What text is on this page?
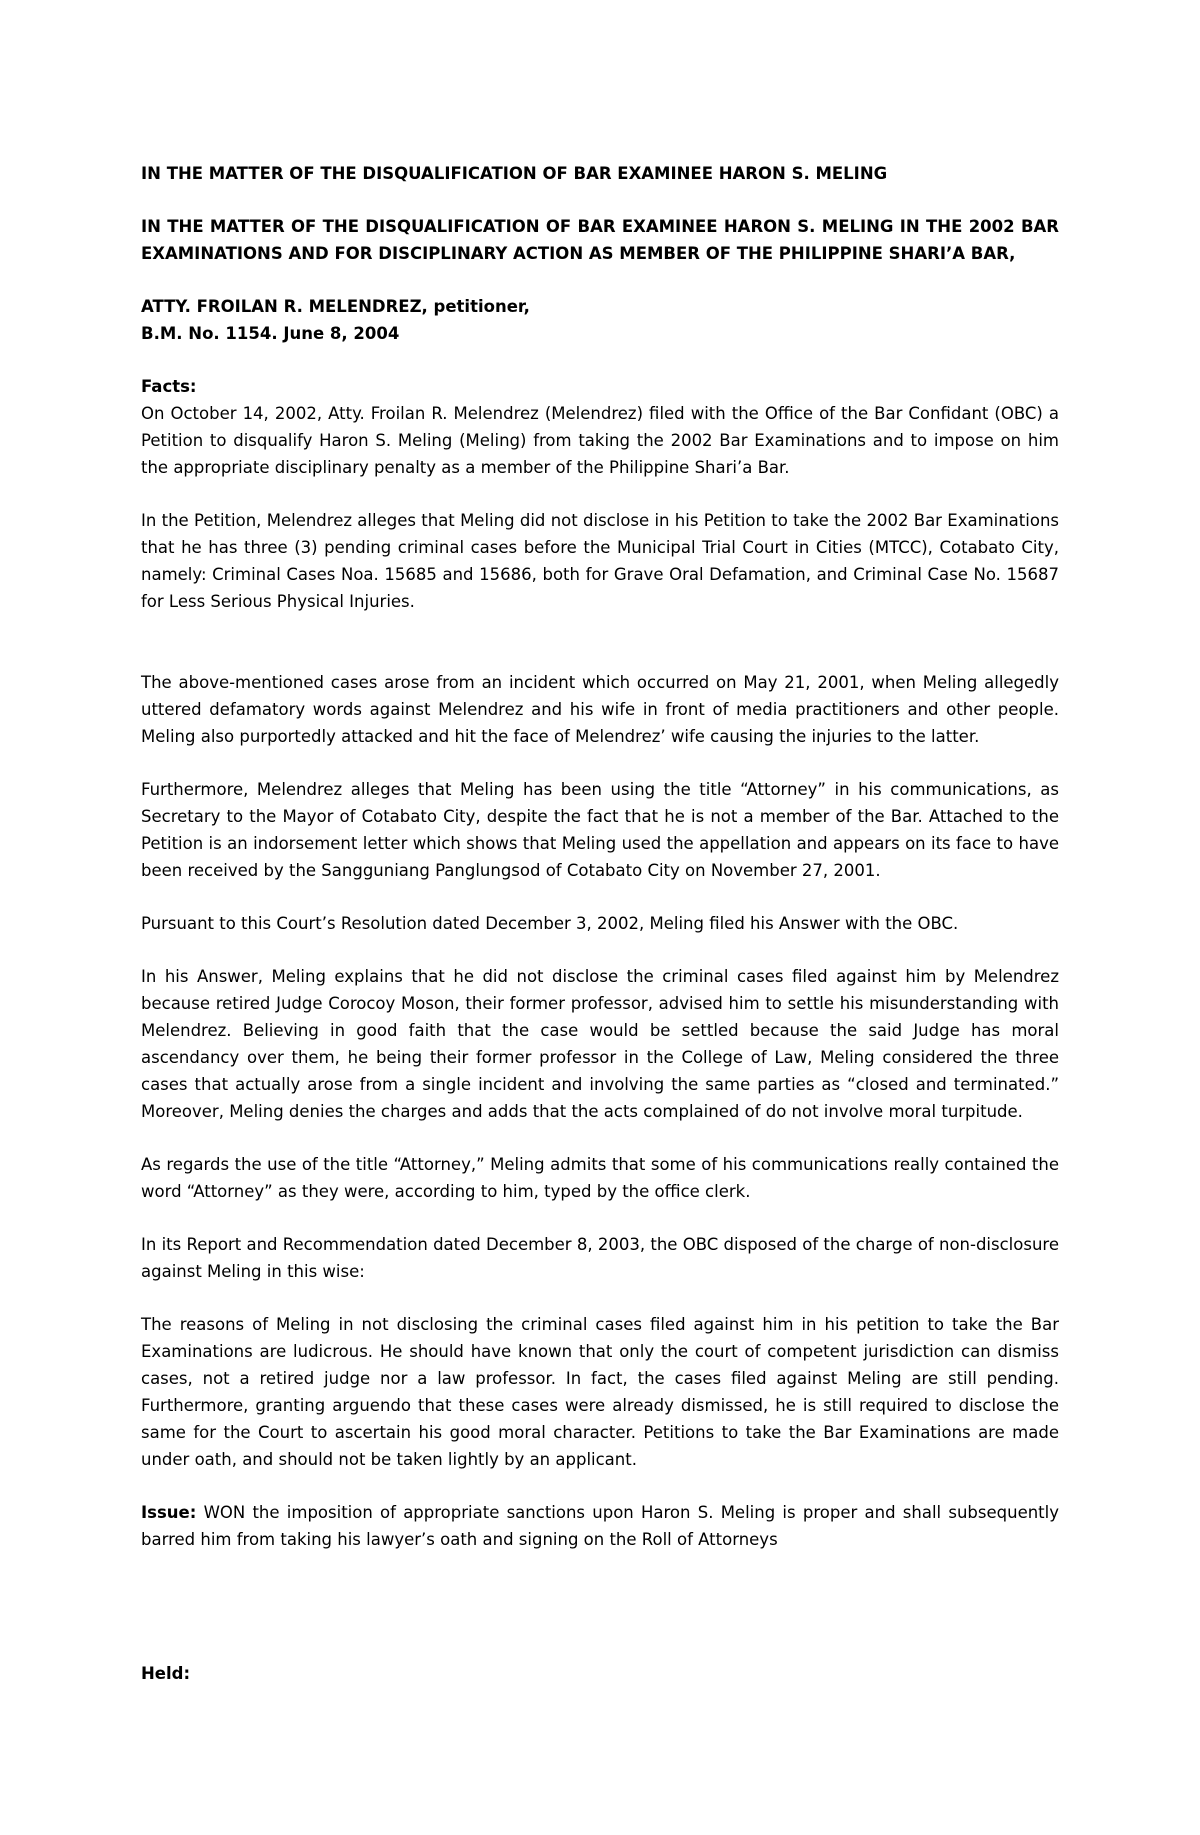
IN THE MATTER OF THE DISQUALIFICATION OF BAR EXAMINEE HARON S. MELING

IN THE MATTER OF THE DISQUALIFICATION OF BAR EXAMINEE HARON S. MELING IN THE 2002 BAR EXAMINATIONS AND FOR DISCIPLINARY ACTION AS MEMBER OF THE PHILIPPINE SHARI’A BAR,

ATTY. FROILAN R. MELENDREZ, petitioner,

B.M. No. 1154. June 8, 2004

Facts:

On October 14, 2002, Atty. Froilan R. Melendrez (Melendrez) filed with the Office of the Bar Confidant (OBC) a Petition to disqualify Haron S. Meling (Meling) from taking the 2002 Bar Examinations and to impose on him the appropriate disciplinary penalty as a member of the Philippine Shari’a Bar.

In the Petition, Melendrez alleges that Meling did not disclose in his Petition to take the 2002 Bar Examinations that he has three (3) pending criminal cases before the Municipal Trial Court in Cities (MTCC), Cotabato City, namely: Criminal Cases Noa. 15685 and 15686, both for Grave Oral Defamation, and Criminal Case No. 15687 for Less Serious Physical Injuries.

The above-mentioned cases arose from an incident which occurred on May 21, 2001, when Meling allegedly uttered defamatory words against Melendrez and his wife in front of media practitioners and other people. Meling also purportedly attacked and hit the face of Melendrez’ wife causing the injuries to the latter.

Furthermore, Melendrez alleges that Meling has been using the title “Attorney” in his communications, as Secretary to the Mayor of Cotabato City, despite the fact that he is not a member of the Bar. Attached to the Petition is an indorsement letter which shows that Meling used the appellation and appears on its face to have been received by the Sangguniang Panglungsod of Cotabato City on November 27, 2001.

Pursuant to this Court’s Resolution dated December 3, 2002, Meling filed his Answer with the OBC.

In his Answer, Meling explains that he did not disclose the criminal cases filed against him by Melendrez because retired Judge Corocoy Moson, their former professor, advised him to settle his misunderstanding with Melendrez. Believing in good faith that the case would be settled because the said Judge has moral ascendancy over them, he being their former professor in the College of Law, Meling considered the three cases that actually arose from a single incident and involving the same parties as “closed and terminated.” Moreover, Meling denies the charges and adds that the acts complained of do not involve moral turpitude.

As regards the use of the title “Attorney,” Meling admits that some of his communications really contained the word “Attorney” as they were, according to him, typed by the office clerk.

In its Report and Recommendation dated December 8, 2003, the OBC disposed of the charge of non-disclosure against Meling in this wise:

The reasons of Meling in not disclosing the criminal cases filed against him in his petition to take the Bar Examinations are ludicrous. He should have known that only the court of competent jurisdiction can dismiss cases, not a retired judge nor a law professor. In fact, the cases filed against Meling are still pending. Furthermore, granting arguendo that these cases were already dismissed, he is still required to disclose the same for the Court to ascertain his good moral character. Petitions to take the Bar Examinations are made under oath, and should not be taken lightly by an applicant.

Issue: WON the imposition of appropriate sanctions upon Haron S. Meling is proper and shall subsequently barred him from taking his lawyer’s oath and signing on the Roll of Attorneys

Held:
